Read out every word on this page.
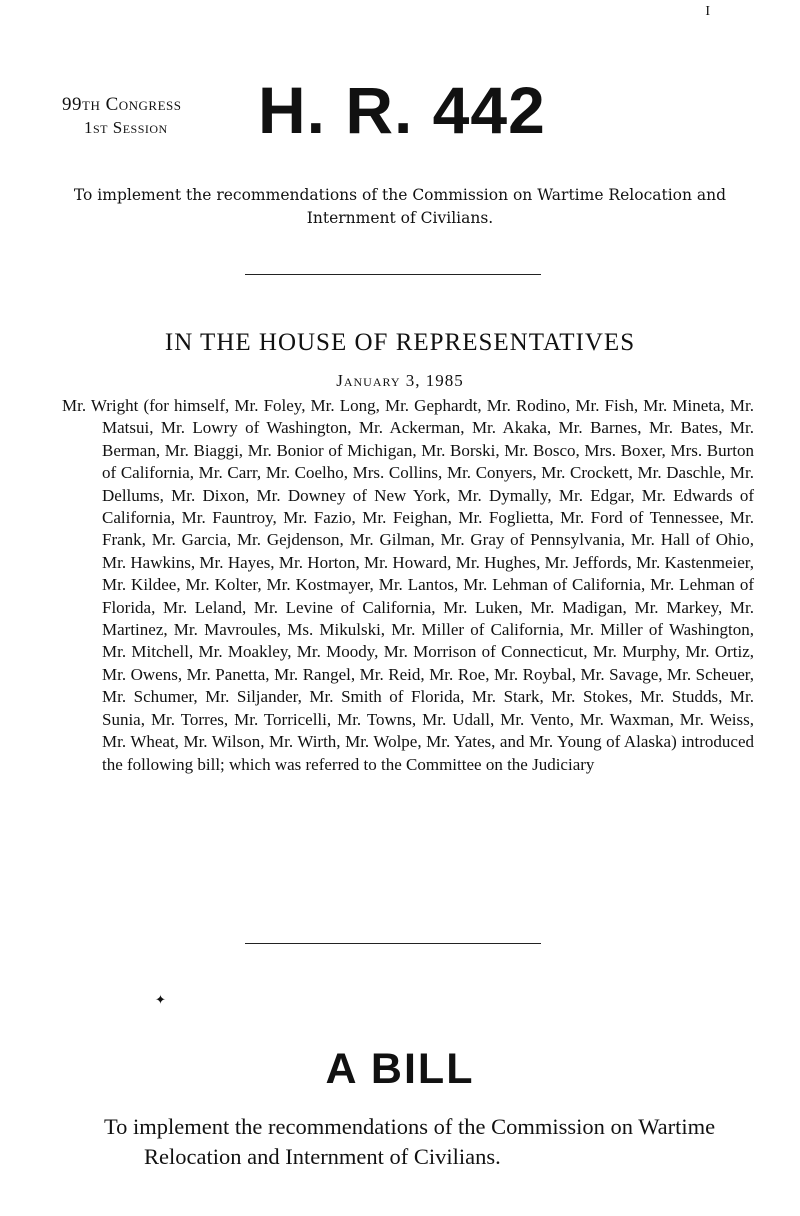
I
99th Congress
1st Session H. R. 442
To implement the recommendations of the Commission on Wartime Relocation and Internment of Civilians.
IN THE HOUSE OF REPRESENTATIVES
January 3, 1985
Mr. Wright (for himself, Mr. Foley, Mr. Long, Mr. Gephardt, Mr. Rodino, Mr. Fish, Mr. Mineta, Mr. Matsui, Mr. Lowry of Washington, Mr. Ackerman, Mr. Akaka, Mr. Barnes, Mr. Bates, Mr. Berman, Mr. Biaggi, Mr. Bonior of Michigan, Mr. Borski, Mr. Bosco, Mrs. Boxer, Mrs. Burton of California, Mr. Carr, Mr. Coelho, Mrs. Collins, Mr. Conyers, Mr. Crockett, Mr. Daschle, Mr. Dellums, Mr. Dixon, Mr. Downey of New York, Mr. Dymally, Mr. Edgar, Mr. Edwards of California, Mr. Fauntroy, Mr. Fazio, Mr. Feighan, Mr. Foglietta, Mr. Ford of Tennessee, Mr. Frank, Mr. Garcia, Mr. Gejdenson, Mr. Gilman, Mr. Gray of Pennsylvania, Mr. Hall of Ohio, Mr. Hawkins, Mr. Hayes, Mr. Horton, Mr. Howard, Mr. Hughes, Mr. Jeffords, Mr. Kastenmeier, Mr. Kildee, Mr. Kolter, Mr. Kostmayer, Mr. Lantos, Mr. Lehman of California, Mr. Lehman of Florida, Mr. Leland, Mr. Levine of California, Mr. Luken, Mr. Madigan, Mr. Markey, Mr. Martinez, Mr. Mavroules, Ms. Mikulski, Mr. Miller of California, Mr. Miller of Washington, Mr. Mitchell, Mr. Moakley, Mr. Moody, Mr. Morrison of Connecticut, Mr. Murphy, Mr. Ortiz, Mr. Owens, Mr. Panetta, Mr. Rangel, Mr. Reid, Mr. Roe, Mr. Roybal, Mr. Savage, Mr. Scheuer, Mr. Schumer, Mr. Siljander, Mr. Smith of Florida, Mr. Stark, Mr. Stokes, Mr. Studds, Mr. Sunia, Mr. Torres, Mr. Torricelli, Mr. Towns, Mr. Udall, Mr. Vento, Mr. Waxman, Mr. Weiss, Mr. Wheat, Mr. Wilson, Mr. Wirth, Mr. Wolpe, Mr. Yates, and Mr. Young of Alaska) introduced the following bill; which was referred to the Committee on the Judiciary
✦
A BILL
To implement the recommendations of the Commission on Wartime Relocation and Internment of Civilians.
